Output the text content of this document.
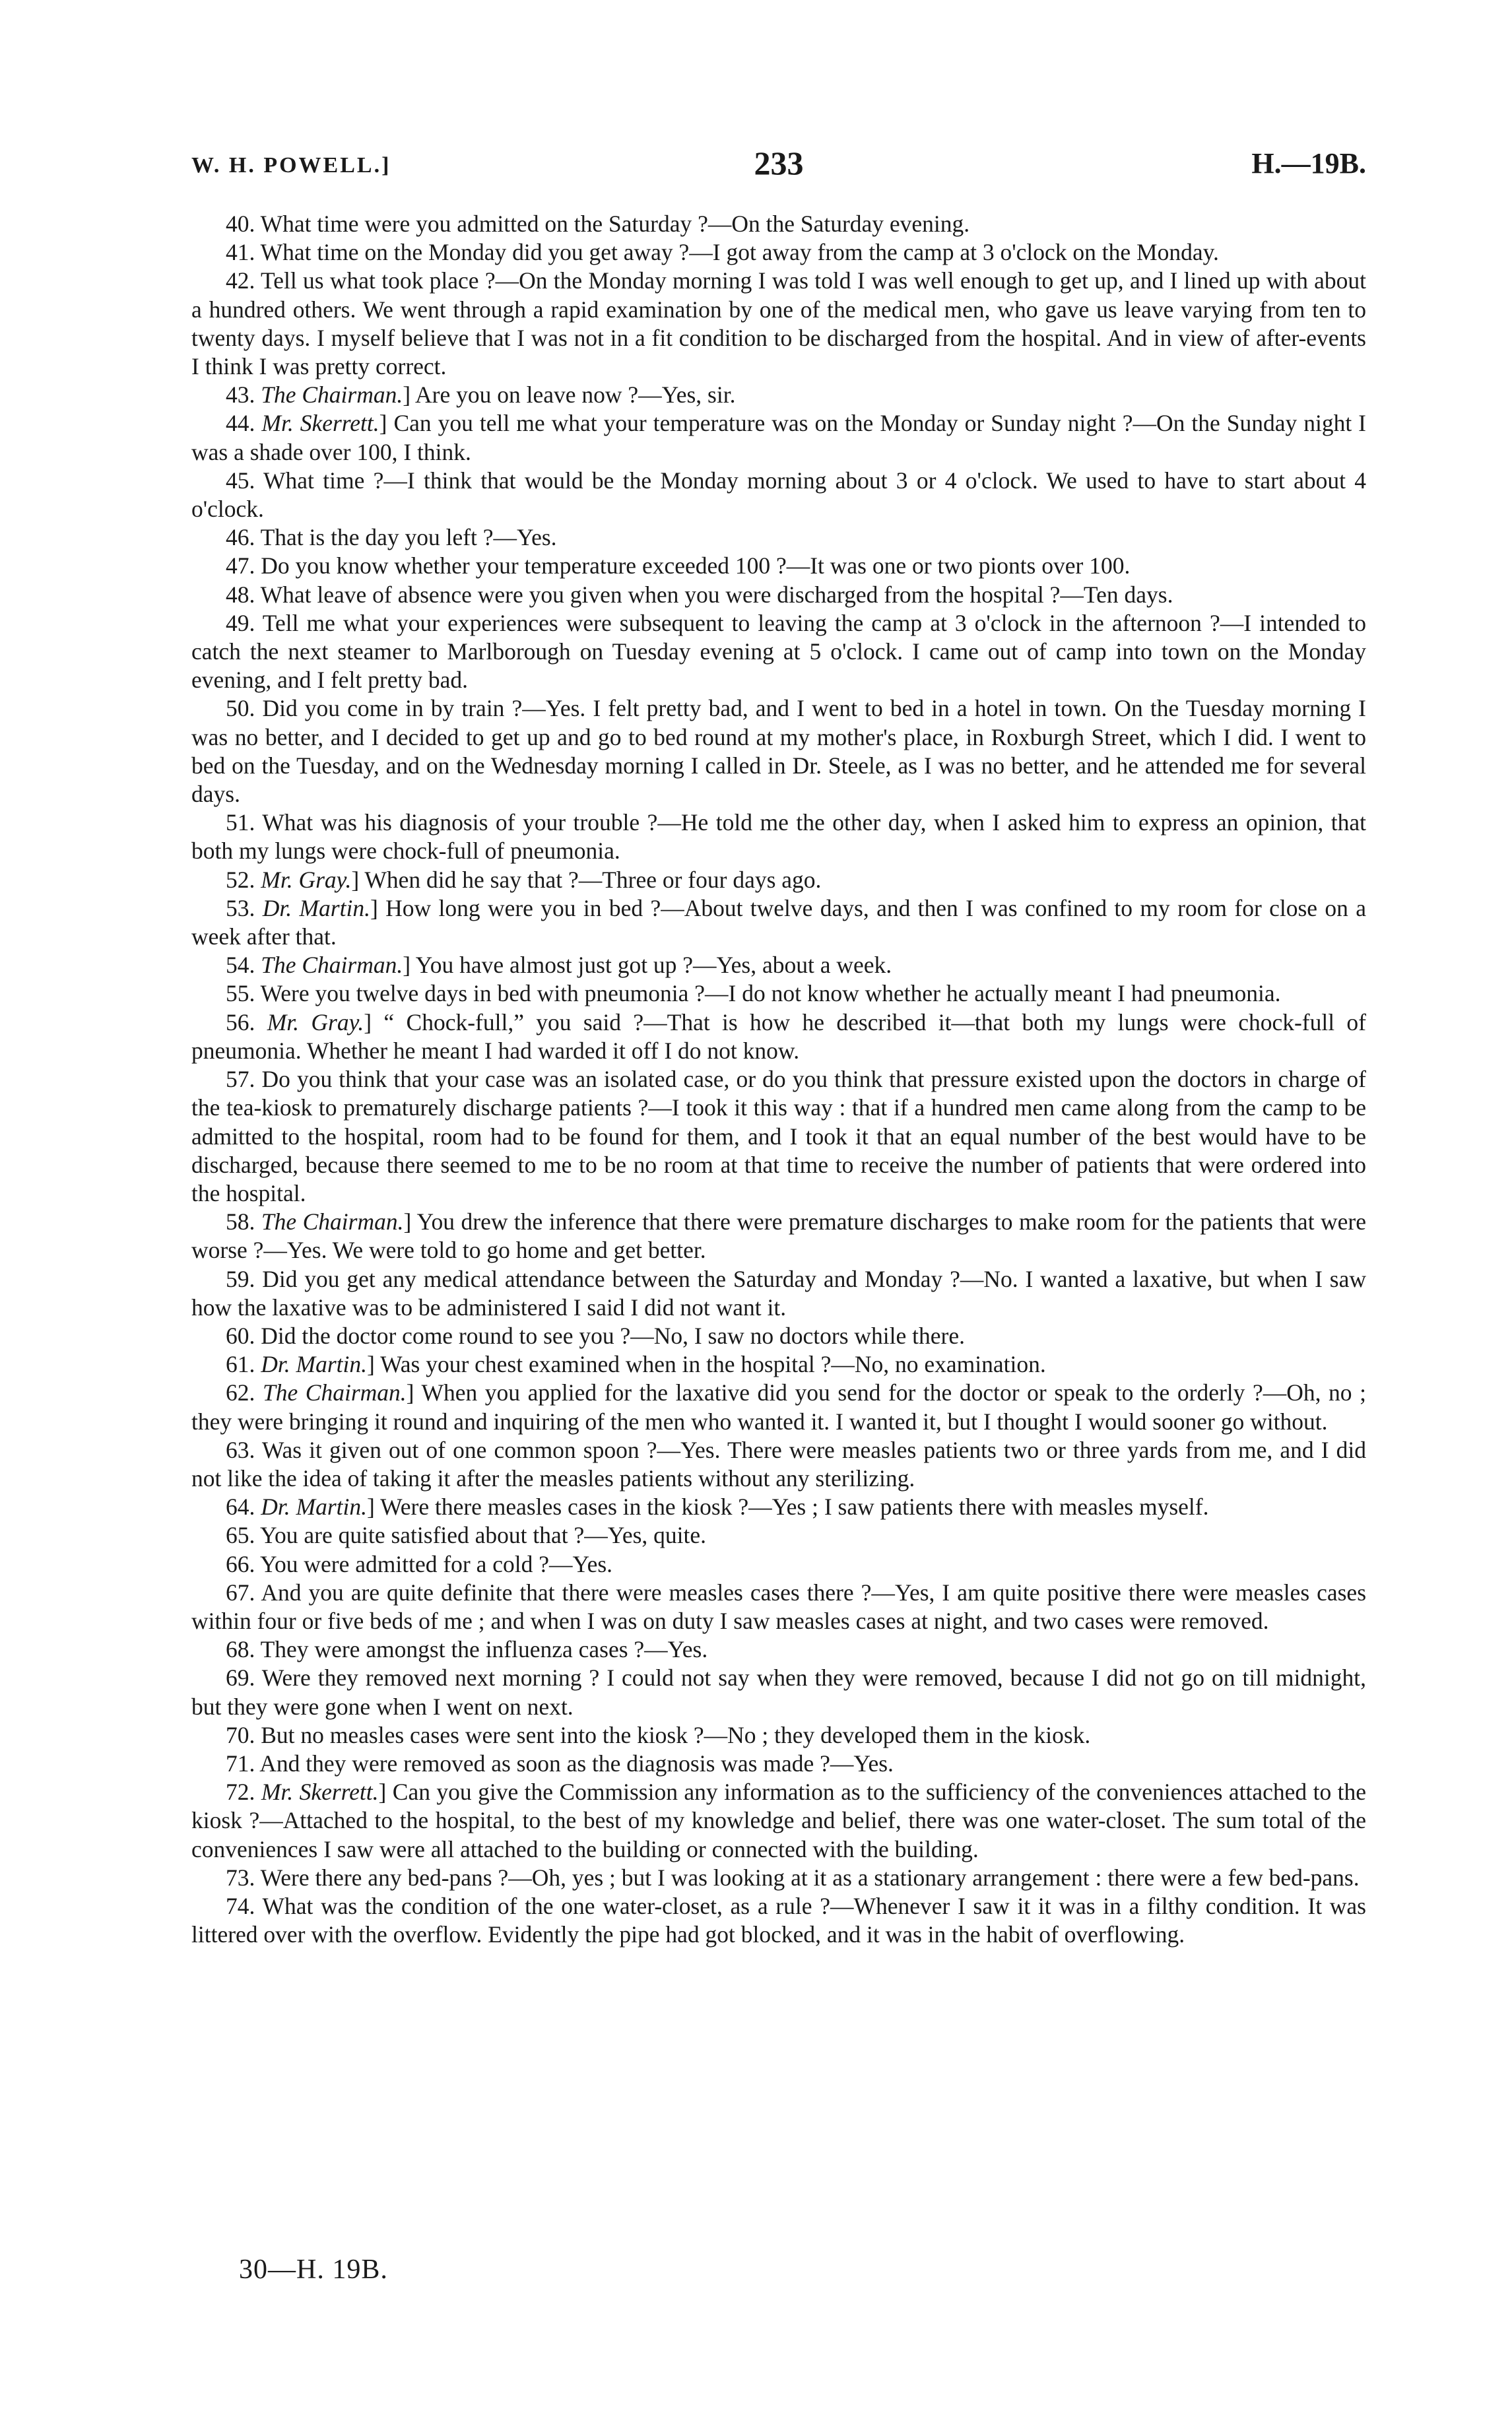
W. H. POWELL.]	233	H.—19B.

40. What time were you admitted on the Saturday ?—On the Saturday evening.

41. What time on the Monday did you get away ?—I got away from the camp at 3 o'clock on the Monday.

42. Tell us what took place ?—On the Monday morning I was told I was well enough to get up, and I lined up with about a hundred others. We went through a rapid examination by one of the medical men, who gave us leave varying from ten to twenty days. I myself believe that I was not in a fit condition to be discharged from the hospital. And in view of after-events I think I was pretty correct.

43. The Chairman.] Are you on leave now ?—Yes, sir.

44. Mr. Skerrett.] Can you tell me what your temperature was on the Monday or Sunday night ?—On the Sunday night I was a shade over 100, I think.

45. What time ?—I think that would be the Monday morning about 3 or 4 o'clock. We used to have to start about 4 o'clock.

46. That is the day you left ?—Yes.

47. Do you know whether your temperature exceeded 100 ?—It was one or two pionts over 100.

48. What leave of absence were you given when you were discharged from the hospital ?—Ten days.

49. Tell me what your experiences were subsequent to leaving the camp at 3 o'clock in the afternoon ?—I intended to catch the next steamer to Marlborough on Tuesday evening at 5 o'clock. I came out of camp into town on the Monday evening, and I felt pretty bad.

50. Did you come in by train ?—Yes. I felt pretty bad, and I went to bed in a hotel in town. On the Tuesday morning I was no better, and I decided to get up and go to bed round at my mother's place, in Roxburgh Street, which I did. I went to bed on the Tuesday, and on the Wednesday morning I called in Dr. Steele, as I was no better, and he attended me for several days.

51. What was his diagnosis of your trouble ?—He told me the other day, when I asked him to express an opinion, that both my lungs were chock-full of pneumonia.

52. Mr. Gray.] When did he say that ?—Three or four days ago.

53. Dr. Martin.] How long were you in bed ?—About twelve days, and then I was confined to my room for close on a week after that.

54. The Chairman.] You have almost just got up ?—Yes, about a week.

55. Were you twelve days in bed with pneumonia ?—I do not know whether he actually meant I had pneumonia.

56. Mr. Gray.] “ Chock-full,” you said ?—That is how he described it—that both my lungs were chock-full of pneumonia. Whether he meant I had warded it off I do not know.

57. Do you think that your case was an isolated case, or do you think that pressure existed upon the doctors in charge of the tea-kiosk to prematurely discharge patients ?—I took it this way : that if a hundred men came along from the camp to be admitted to the hospital, room had to be found for them, and I took it that an equal number of the best would have to be discharged, because there seemed to me to be no room at that time to receive the number of patients that were ordered into the hospital.

58. The Chairman.] You drew the inference that there were premature discharges to make room for the patients that were worse ?—Yes. We were told to go home and get better.

59. Did you get any medical attendance between the Saturday and Monday ?—No. I wanted a laxative, but when I saw how the laxative was to be administered I said I did not want it.

60. Did the doctor come round to see you ?—No, I saw no doctors while there.

61. Dr. Martin.] Was your chest examined when in the hospital ?—No, no examination.

62. The Chairman.] When you applied for the laxative did you send for the doctor or speak to the orderly ?—Oh, no ; they were bringing it round and inquiring of the men who wanted it. I wanted it, but I thought I would sooner go without.

63. Was it given out of one common spoon ?—Yes. There were measles patients two or three yards from me, and I did not like the idea of taking it after the measles patients without any sterilizing.

64. Dr. Martin.] Were there measles cases in the kiosk ?—Yes ; I saw patients there with measles myself.

65. You are quite satisfied about that ?—Yes, quite.

66. You were admitted for a cold ?—Yes.

67. And you are quite definite that there were measles cases there ?—Yes, I am quite positive there were measles cases within four or five beds of me ; and when I was on duty I saw measles cases at night, and two cases were removed.

68. They were amongst the influenza cases ?—Yes.

69. Were they removed next morning ? I could not say when they were removed, because I did not go on till midnight, but they were gone when I went on next.

70. But no measles cases were sent into the kiosk ?—No ; they developed them in the kiosk.

71. And they were removed as soon as the diagnosis was made ?—Yes.

72. Mr. Skerrett.] Can you give the Commission any information as to the sufficiency of the conveniences attached to the kiosk ?—Attached to the hospital, to the best of my knowledge and belief, there was one water-closet. The sum total of the conveniences I saw were all attached to the building or connected with the building.

73. Were there any bed-pans ?—Oh, yes ; but I was looking at it as a stationary arrangement : there were a few bed-pans.

74. What was the condition of the one water-closet, as a rule ?—Whenever I saw it it was in a filthy condition. It was littered over with the overflow. Evidently the pipe had got blocked, and it was in the habit of overflowing.

30—H. 19B.
